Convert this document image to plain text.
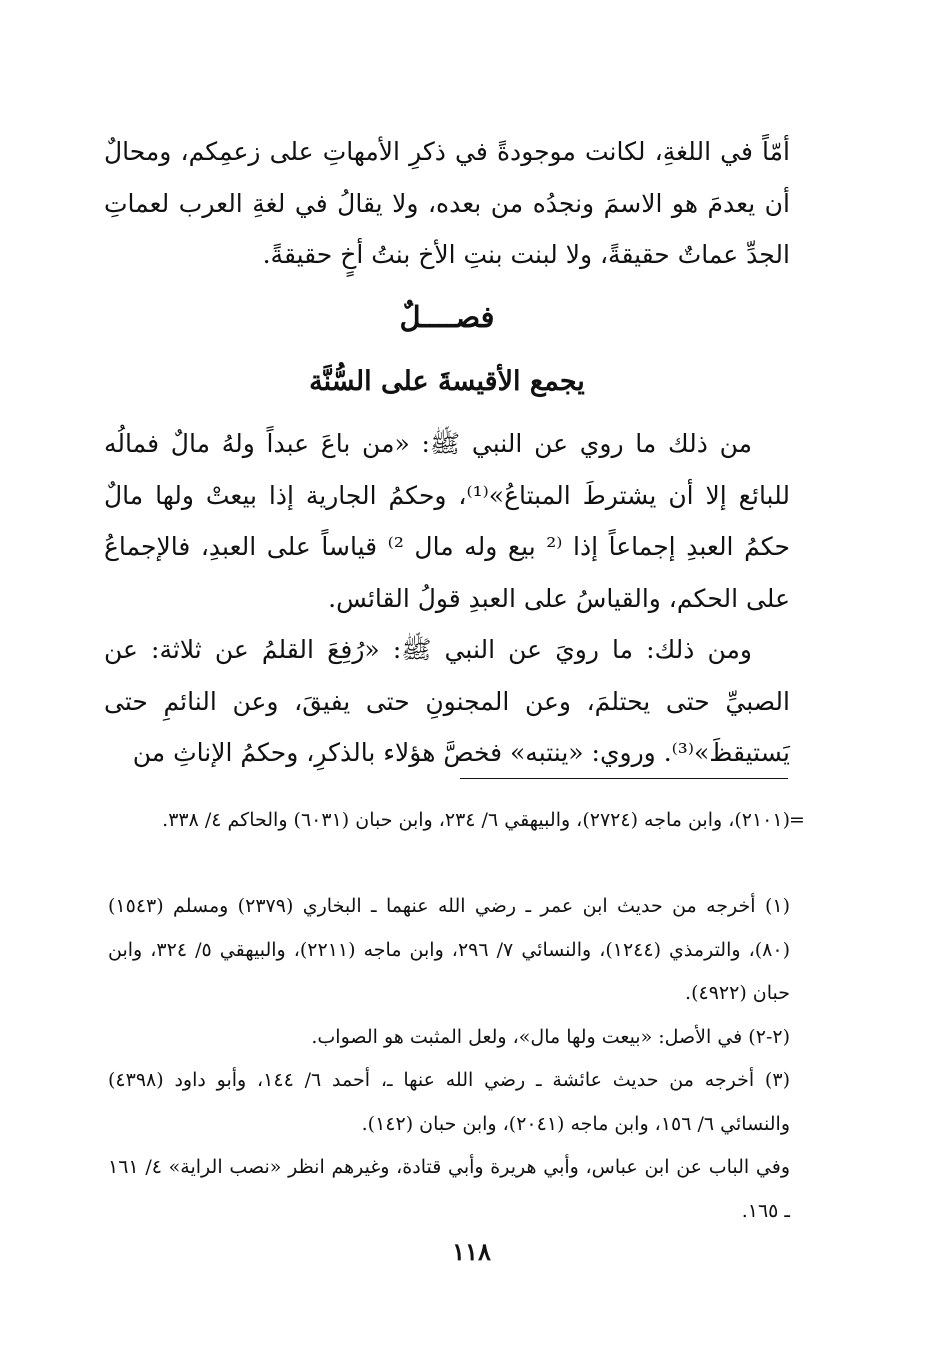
أمّاً في اللغةِ، لكانت موجودةً في ذكرِ الأمهاتِ على زعمِكم، ومحالٌ أن يعدمَ هو الاسمَ ونجدُه من بعده، ولا يقالُ في لغةِ العرب لعماتِ الجدِّ عماتٌ حقيقةً، ولا لبنت بنتِ الأخ بنتُ أخٍ حقيقةً.

فصــــلٌ
يجمع الأقيسةَ على السُّنَّة

من ذلك ما روي عن النبي ﷺ: «من باعَ عبداً ولهُ مالٌ فمالُه للبائع إلا أن يشترطَ المبتاعُ»⁽¹⁾، وحكمُ الجارية إذا بيعتْ ولها مالٌ حكمُ العبدِ إجماعاً إذا ⁽² بيع وله مال ²⁾ قياساً على العبدِ، فالإجماعُ على الحكم، والقياسُ على العبدِ قولُ القائس.

ومن ذلك: ما رويَ عن النبي ﷺ: «رُفِعَ القلمُ عن ثلاثة: عن الصبيِّ حتى يحتلمَ، وعن المجنونِ حتى يفيقَ، وعن النائمِ حتى يَستيقظَ»⁽³⁾. وروي: «ينتبه» فخصَّ هؤلاء بالذكرِ، وحكمُ الإناثِ من

=

(٢١٠١)، وابن ماجه (٢٧٢٤)، والبيهقي ٦/ ٢٣٤، وابن حبان (٦٠٣١) والحاكم ٤/ ٣٣٨.

(١) أخرجه من حديث ابن عمر ـ رضي الله عنهما ـ البخاري (٢٣٧٩) ومسلم (١٥٤٣) (٨٠)، والترمذي (١٢٤٤)، والنسائي ٧/ ٢٩٦، وابن ماجه (٢٢١١)، والبيهقي ٥/ ٣٢٤، وابن حبان (٤٩٢٢).

(٢-٢) في الأصل: «بيعت ولها مال»، ولعل المثبت هو الصواب.

(٣) أخرجه من حديث عائشة ـ رضي الله عنها ـ، أحمد ٦/ ١٤٤، وأبو داود (٤٣٩٨) والنسائي ٦/ ١٥٦، وابن ماجه (٢٠٤١)، وابن حبان (١٤٢).

وفي الباب عن ابن عباس، وأبي هريرة وأبي قتادة، وغيرهم انظر «نصب الراية» ٤/ ١٦١ ـ ١٦٥.

١١٨
